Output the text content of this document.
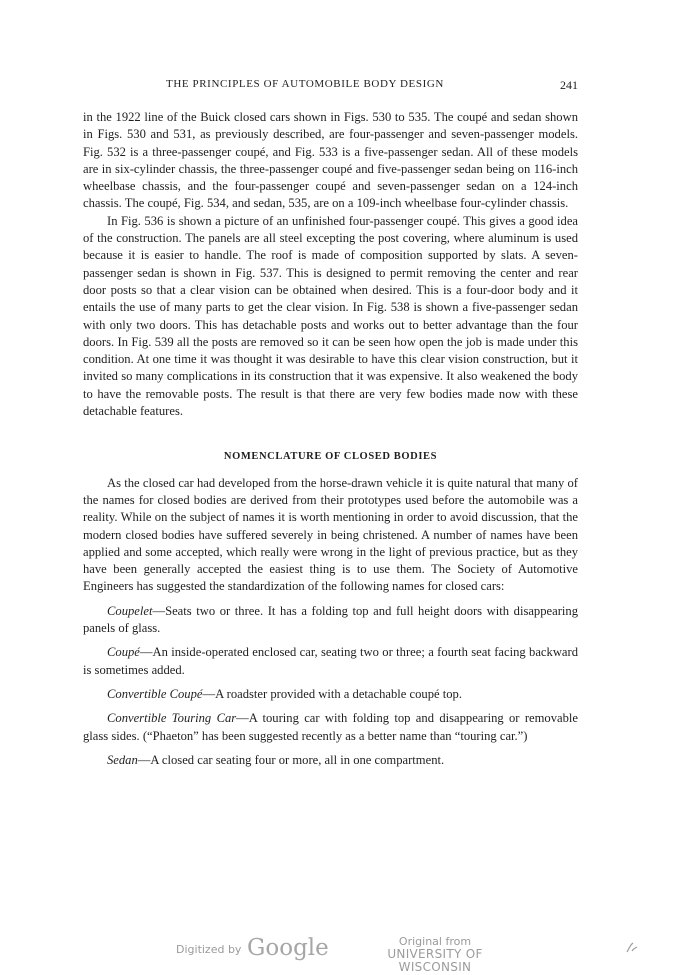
THE PRINCIPLES OF AUTOMOBILE BODY DESIGN	241

in the 1922 line of the Buick closed cars shown in Figs. 530 to 535. The coupé and sedan shown in Figs. 530 and 531, as previously described, are four-passenger and seven-passenger models. Fig. 532 is a three-passenger coupé, and Fig. 533 is a five-passenger sedan. All of these models are in six-cylinder chassis, the three-passenger coupé and five-passenger sedan being on 116-inch wheelbase chassis, and the four-passenger coupé and seven-passenger sedan on a 124-inch chassis. The coupé, Fig. 534, and sedan, 535, are on a 109-inch wheelbase four-cylinder chassis.

In Fig. 536 is shown a picture of an unfinished four-passenger coupé. This gives a good idea of the construction. The panels are all steel excepting the post covering, where aluminum is used because it is easier to handle. The roof is made of composition supported by slats. A seven-passenger sedan is shown in Fig. 537. This is designed to permit removing the center and rear door posts so that a clear vision can be obtained when desired. This is a four-door body and it entails the use of many parts to get the clear vision. In Fig. 538 is shown a five-passenger sedan with only two doors. This has detachable posts and works out to better advantage than the four doors. In Fig. 539 all the posts are removed so it can be seen how open the job is made under this condition. At one time it was thought it was desirable to have this clear vision construction, but it invited so many complications in its construction that it was expensive. It also weakened the body to have the removable posts. The result is that there are very few bodies made now with these detachable features.

NOMENCLATURE OF CLOSED BODIES

As the closed car had developed from the horse-drawn vehicle it is quite natural that many of the names for closed bodies are derived from their prototypes used before the automobile was a reality. While on the subject of names it is worth mentioning in order to avoid discussion, that the modern closed bodies have suffered severely in being christened. A number of names have been applied and some accepted, which really were wrong in the light of previous practice, but as they have been generally accepted the easiest thing is to use them. The Society of Automotive Engineers has suggested the standardization of the following names for closed cars:

Coupelet—Seats two or three. It has a folding top and full height doors with disappearing panels of glass.

Coupé—An inside-operated enclosed car, seating two or three; a fourth seat facing backward is sometimes added.

Convertible Coupé—A roadster provided with a detachable coupé top.

Convertible Touring Car—A touring car with folding top and disappearing or removable glass sides. (“Phaeton” has been suggested recently as a better name than “touring car.”)

Sedan—A closed car seating four or more, all in one compartment.

Digitized by Google	Original from
UNIVERSITY OF WISCONSIN
